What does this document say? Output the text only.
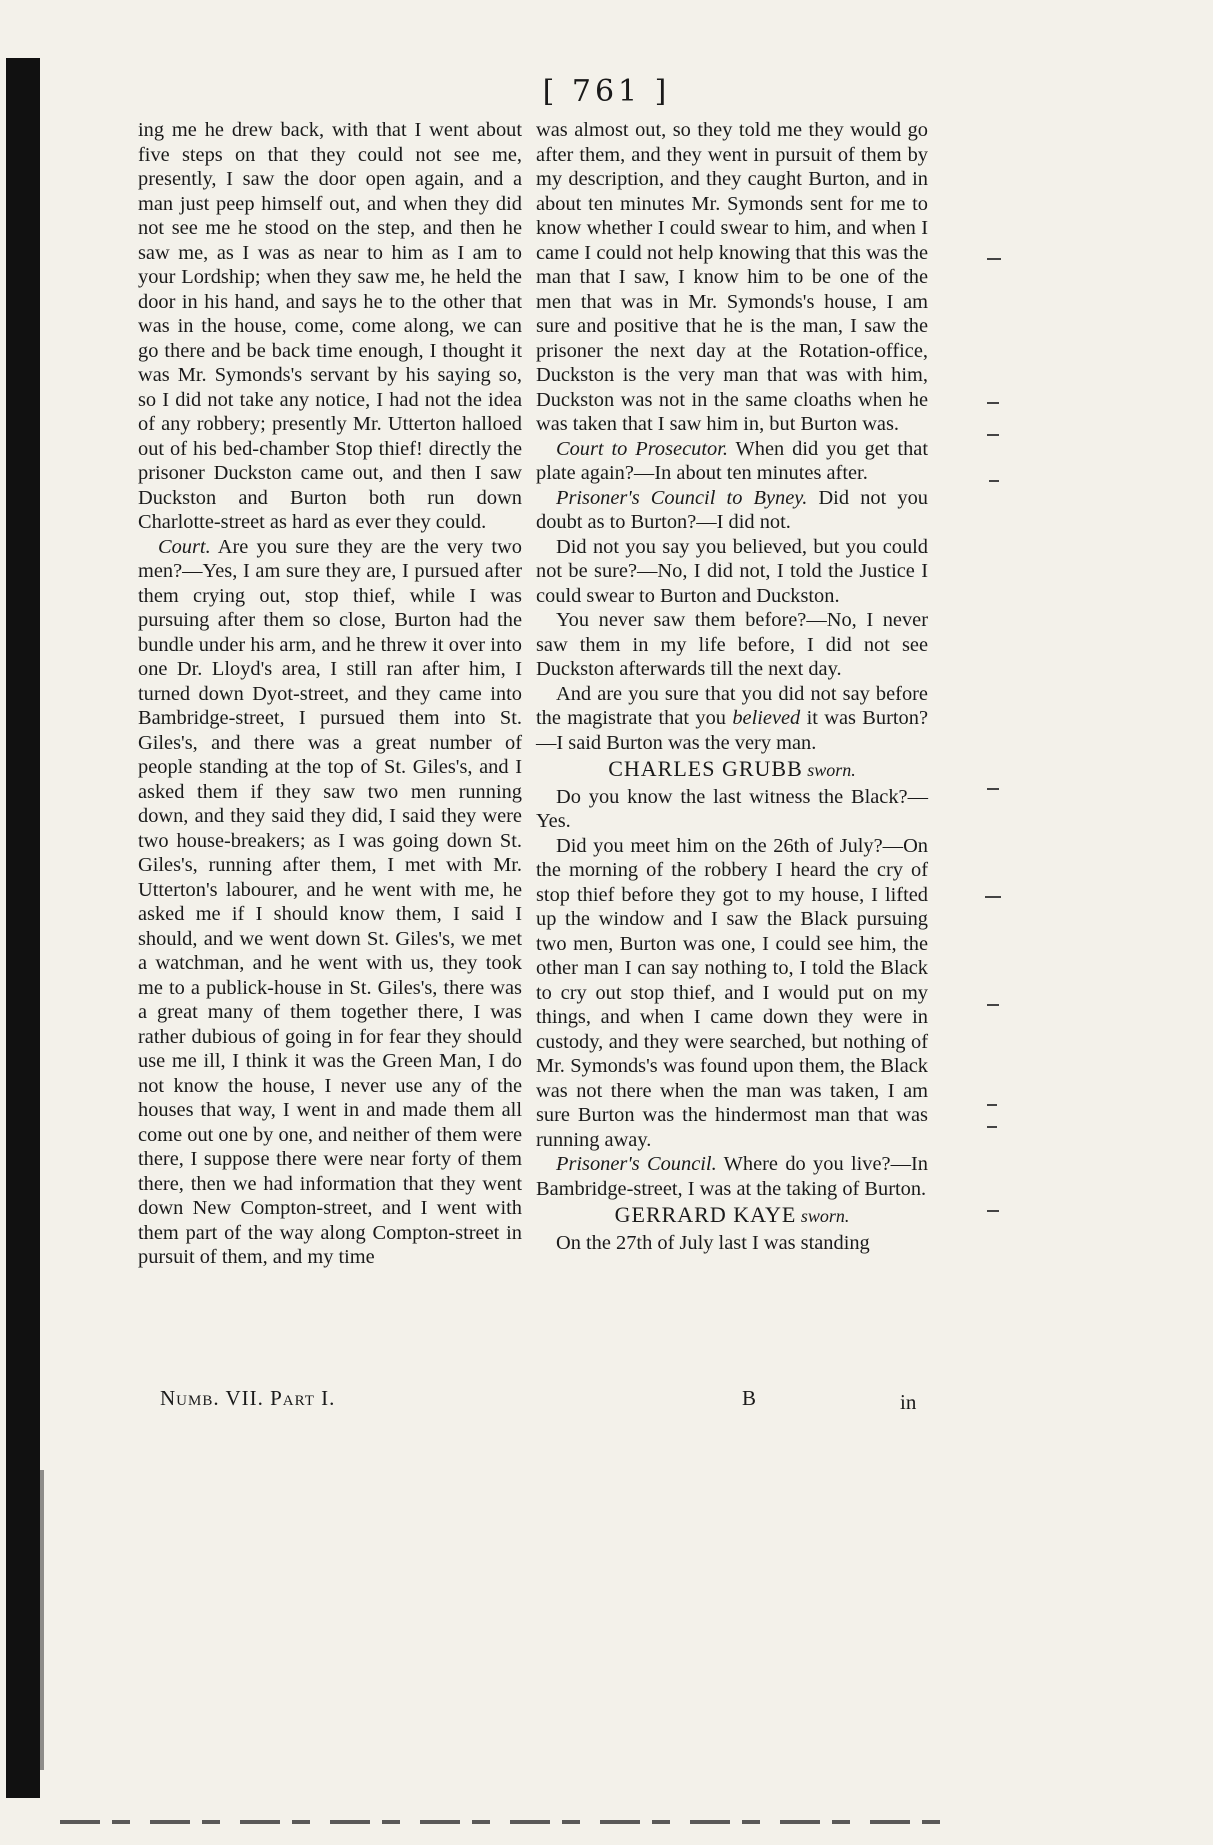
[ 761 ]

ing me he drew back, with that I went about five steps on that they could not see me, presently, I saw the door open again, and a man just peep himself out, and when they did not see me he stood on the step, and then he saw me, as I was as near to him as I am to your Lordship; when they saw me, he held the door in his hand, and says he to the other that was in the house, come, come along, we can go there and be back time enough, I thought it was Mr. Symonds's servant by his saying so, so I did not take any notice, I had not the idea of any robbery; presently Mr. Utterton halloed out of his bed-chamber Stop thief! directly the prisoner Duckston came out, and then I saw Duckston and Burton both run down Charlotte-street as hard as ever they could.

Court. Are you sure they are the very two men?—Yes, I am sure they are, I pursued after them crying out, stop thief, while I was pursuing after them so close, Burton had the bundle under his arm, and he threw it over into one Dr. Lloyd's area, I still ran after him, I turned down Dyot-street, and they came into Bambridge-street, I pursued them into St. Giles's, and there was a great number of people standing at the top of St. Giles's, and I asked them if they saw two men running down, and they said they did, I said they were two house-breakers; as I was going down St. Giles's, running after them, I met with Mr. Utterton's labourer, and he went with me, he asked me if I should know them, I said I should, and we went down St. Giles's, we met a watchman, and he went with us, they took me to a publick-house in St. Giles's, there was a great many of them together there, I was rather dubious of going in for fear they should use me ill, I think it was the Green Man, I do not know the house, I never use any of the houses that way, I went in and made them all come out one by one, and neither of them were there, I suppose there were near forty of them there, then we had information that they went down New Compton-street, and I went with them part of the way along Compton-street in pursuit of them, and my time

was almost out, so they told me they would go after them, and they went in pursuit of them by my description, and they caught Burton, and in about ten minutes Mr. Symonds sent for me to know whether I could swear to him, and when I came I could not help knowing that this was the man that I saw, I know him to be one of the men that was in Mr. Symonds's house, I am sure and positive that he is the man, I saw the prisoner the next day at the Rotation-office, Duckston is the very man that was with him, Duckston was not in the same cloaths when he was taken that I saw him in, but Burton was.

Court to Prosecutor. When did you get that plate again?—In about ten minutes after.

Prisoner's Council to Byney. Did not you doubt as to Burton?—I did not.

Did not you say you believed, but you could not be sure?—No, I did not, I told the Justice I could swear to Burton and Duckston.

You never saw them before?—No, I never saw them in my life before, I did not see Duckston afterwards till the next day.

And are you sure that you did not say before the magistrate that you believed it was Burton?—I said Burton was the very man.

CHARLES GRUBB sworn.

Do you know the last witness the Black?—Yes.

Did you meet him on the 26th of July?—On the morning of the robbery I heard the cry of stop thief before they got to my house, I lifted up the window and I saw the Black pursuing two men, Burton was one, I could see him, the other man I can say nothing to, I told the Black to cry out stop thief, and I would put on my things, and when I came down they were in custody, and they were searched, but nothing of Mr. Symonds's was found upon them, the Black was not there when the man was taken, I am sure Burton was the hindermost man that was running away.

Prisoner's Council. Where do you live?—In Bambridge-street, I was at the taking of Burton.

GERRARD KAYE sworn.

On the 27th of July last I was standing

Numb. VII. Part I.	B	in
